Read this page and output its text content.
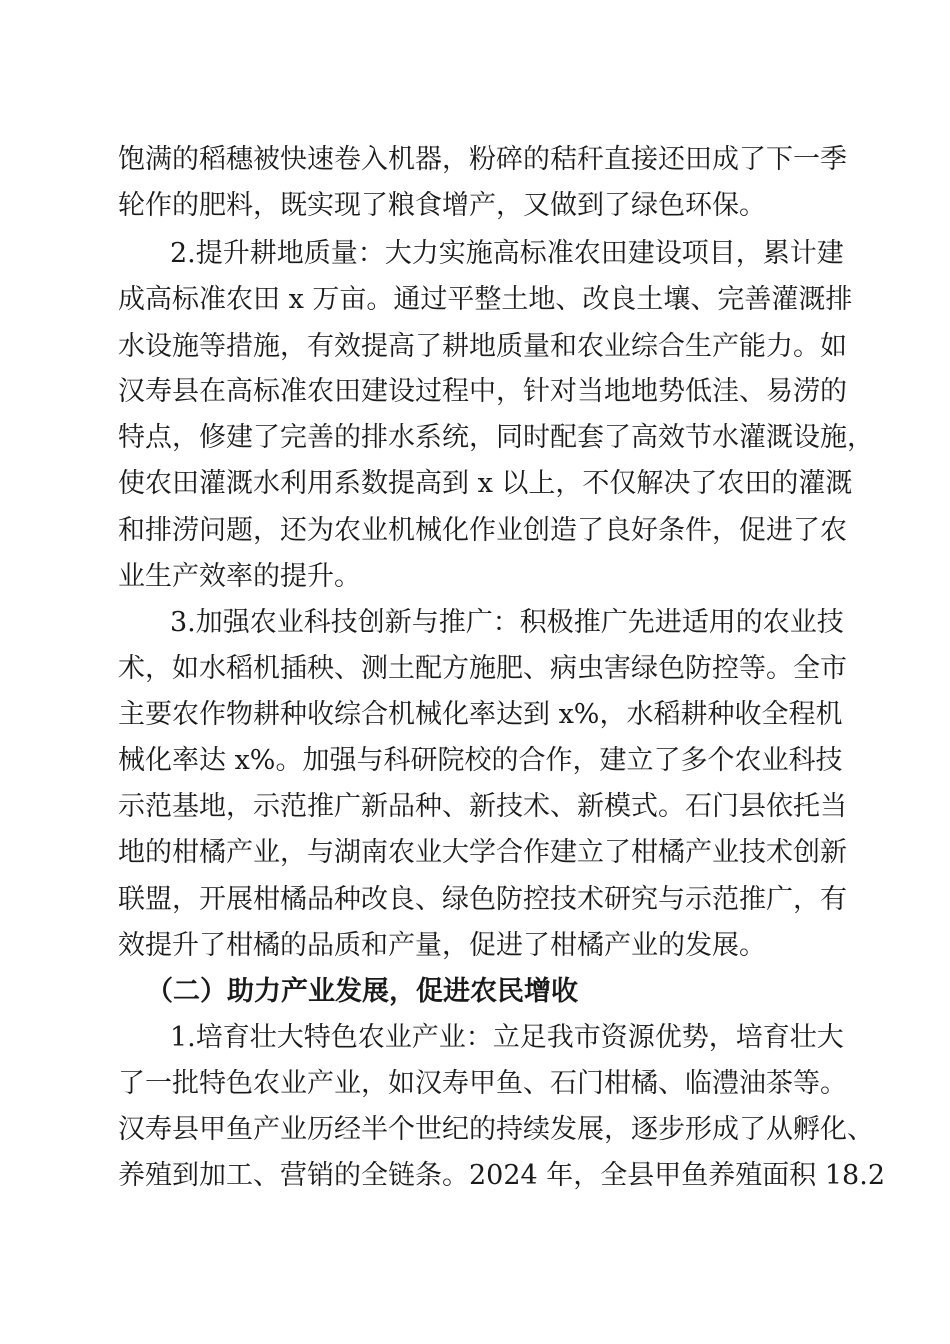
饱满的稻穗被快速卷入机器，粉碎的秸秆直接还田成了下一季

轮作的肥料，既实现了粮食增产，又做到了绿色环保。

2.提升耕地质量：大力实施高标准农田建设项目，累计建

成高标准农田 x 万亩。通过平整土地、改良土壤、完善灌溉排

水设施等措施，有效提高了耕地质量和农业综合生产能力。如

汉寿县在高标准农田建设过程中，针对当地地势低洼、易涝的

特点，修建了完善的排水系统，同时配套了高效节水灌溉设施，

使农田灌溉水利用系数提高到 x 以上，不仅解决了农田的灌溉

和排涝问题，还为农业机械化作业创造了良好条件，促进了农

业生产效率的提升。

3.加强农业科技创新与推广：积极推广先进适用的农业技

术，如水稻机插秧、测土配方施肥、病虫害绿色防控等。全市

主要农作物耕种收综合机械化率达到 x%，水稻耕种收全程机

械化率达 x%。加强与科研院校的合作，建立了多个农业科技

示范基地，示范推广新品种、新技术、新模式。石门县依托当

地的柑橘产业，与湖南农业大学合作建立了柑橘产业技术创新

联盟，开展柑橘品种改良、绿色防控技术研究与示范推广，有

效提升了柑橘的品质和产量，促进了柑橘产业的发展。

（二）助力产业发展，促进农民增收

1.培育壮大特色农业产业：立足我市资源优势，培育壮大

了一批特色农业产业，如汉寿甲鱼、石门柑橘、临澧油茶等。

汉寿县甲鱼产业历经半个世纪的持续发展，逐步形成了从孵化、

养殖到加工、营销的全链条。2024 年，全县甲鱼养殖面积 18.2
